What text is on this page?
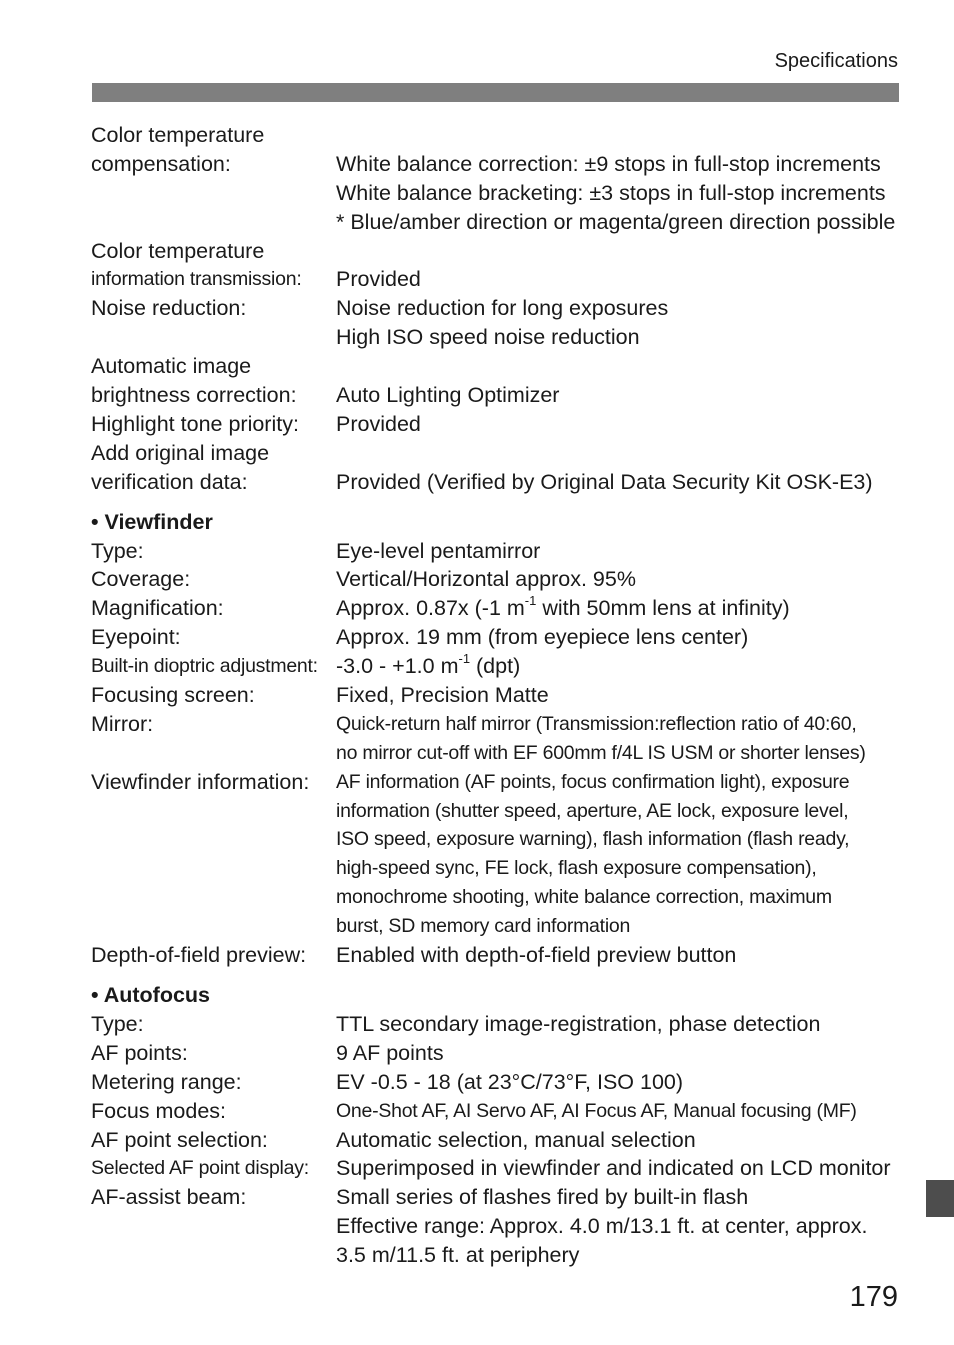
Specifications
Color temperature
compensation:	White balance correction: ±9 stops in full-stop increments
White balance bracketing: ±3 stops in full-stop increments
* Blue/amber direction or magenta/green direction possible
Color temperature
information transmission:	Provided
Noise reduction:	Noise reduction for long exposures
High ISO speed noise reduction
Automatic image
brightness correction:	Auto Lighting Optimizer
Highlight tone priority:	Provided
Add original image
verification data:	Provided (Verified by Original Data Security Kit OSK-E3)
• Viewfinder
Type:	Eye-level pentamirror
Coverage:	Vertical/Horizontal approx. 95%
Magnification:	Approx. 0.87x (-1 $m^{-1}$ with 50mm lens at infinity)
Eyepoint:	Approx. 19 mm (from eyepiece lens center)
Built-in dioptric adjustment: -3.0 - +1.0 $m^{-1}$ (dpt)
Focusing screen:	Fixed, Precision Matte
Mirror:	Quick-return half mirror (Transmission:reflection ratio of 40:60,
no mirror cut-off with EF 600mm f/4L IS USM or shorter lenses)
Viewfinder information:	AF information (AF points, focus confirmation light), exposure
information (shutter speed, aperture, AE lock, exposure level,
ISO speed, exposure warning), flash information (flash ready,
high-speed sync, FE lock, flash exposure compensation),
monochrome shooting, white balance correction, maximum
burst, SD memory card information
Depth-of-field preview:	Enabled with depth-of-field preview button
• Autofocus
Type:	TTL secondary image-registration, phase detection
AF points:	9 AF points
Metering range:	EV -0.5 - 18 (at 23°C/73°F, ISO 100)
Focus modes:	One-Shot AF, AI Servo AF, AI Focus AF, Manual focusing (MF)
AF point selection:	Automatic selection, manual selection
Selected AF point display:	Superimposed in viewfinder and indicated on LCD monitor
AF-assist beam:	Small series of flashes fired by built-in flash
Effective range: Approx. 4.0 m/13.1 ft. at center, approx.
3.5 m/11.5 ft. at periphery
179
